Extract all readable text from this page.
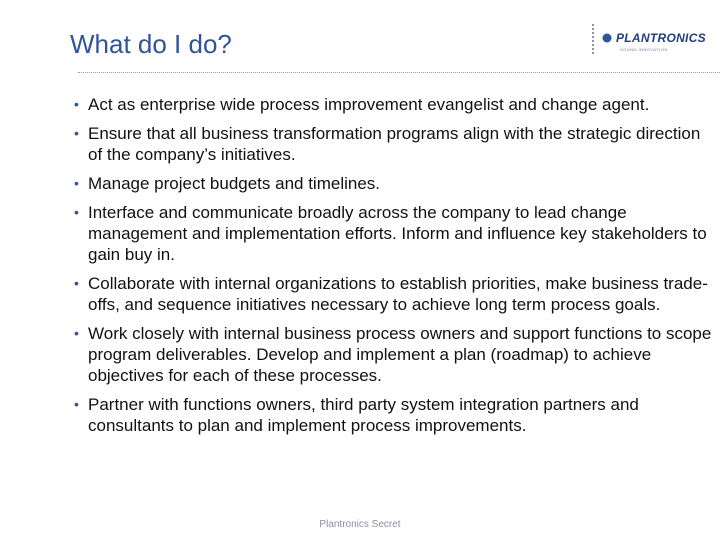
What do I do?	PLANTRONICS
SOUND INNOVATION
• Act as enterprise wide process improvement evangelist and change agent.
• Ensure that all business transformation programs align with the strategic direction of the company’s initiatives.
• Manage project budgets and timelines.
• Interface and communicate broadly across the company to lead change management and implementation efforts. Inform and influence key stakeholders to gain buy in.
• Collaborate with internal organizations to establish priorities, make business trade-offs, and sequence initiatives necessary to achieve long term process goals.
• Work closely with internal business process owners and support functions to scope program deliverables. Develop and implement a plan (roadmap) to achieve objectives for each of these processes.
• Partner with functions owners, third party system integration partners and consultants to plan and implement process improvements.
Plantronics Secret
